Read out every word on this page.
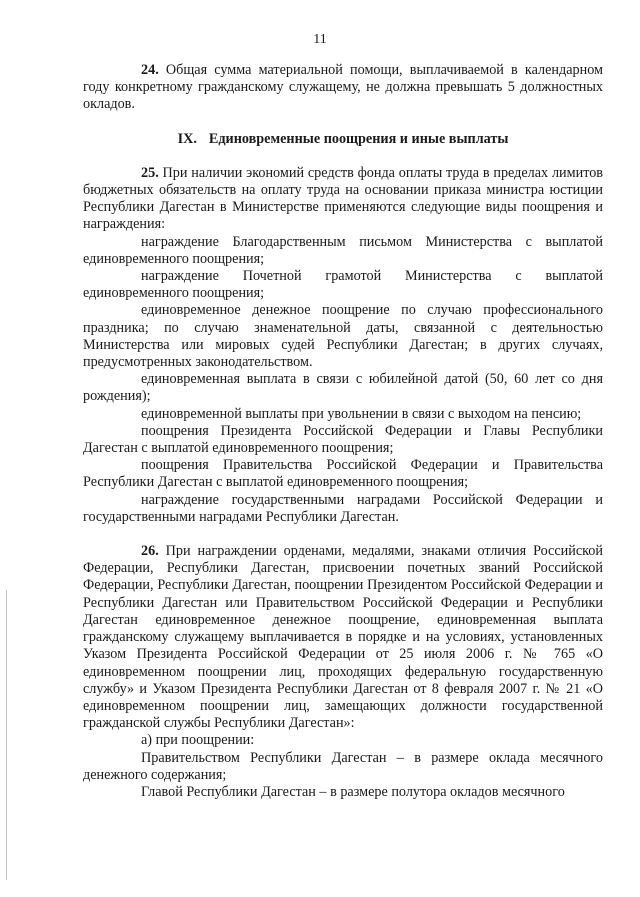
11

24. Общая сумма материальной помощи, выплачиваемой в календарном году конкретному гражданскому служащему, не должна превышать 5 должностных окладов.

IX. Единовременные поощрения и иные выплаты

25. При наличии экономий средств фонда оплаты труда в пределах лимитов бюджетных обязательств на оплату труда на основании приказа министра юстиции Республики Дагестан в Министерстве применяются следующие виды поощрения и награждения:

награждение Благодарственным письмом Министерства с выплатой единовременного поощрения;

награждение Почетной грамотой Министерства с выплатой единовременного поощрения;

единовременное денежное поощрение по случаю профессионального праздника; по случаю знаменательной даты, связанной с деятельностью Министерства или мировых судей Республики Дагестан; в других случаях, предусмотренных законодательством.

единовременная выплата в связи с юбилейной датой (50, 60 лет со дня рождения);

единовременной выплаты при увольнении в связи с выходом на пенсию;

поощрения Президента Российской Федерации и Главы Республики Дагестан с выплатой единовременного поощрения;

поощрения Правительства Российской Федерации и Правительства Республики Дагестан с выплатой единовременного поощрения;

награждение государственными наградами Российской Федерации и государственными наградами Республики Дагестан.

26. При награждении орденами, медалями, знаками отличия Российской Федерации, Республики Дагестан, присвоении почетных званий Российской Федерации, Республики Дагестан, поощрении Президентом Российской Федерации и Республики Дагестан или Правительством Российской Федерации и Республики Дагестан единовременное денежное поощрение, единовременная выплата гражданскому служащему выплачивается в порядке и на условиях, установленных Указом Президента Российской Федерации от 25 июля 2006 г. № 765 «О единовременном поощрении лиц, проходящих федеральную государственную службу» и Указом Президента Республики Дагестан от 8 февраля 2007 г. № 21 «О единовременном поощрении лиц, замещающих должности государственной гражданской службы Республики Дагестан»:

а) при поощрении:

Правительством Республики Дагестан – в размере оклада месячного денежного содержания;

Главой Республики Дагестан – в размере полутора окладов месячного
